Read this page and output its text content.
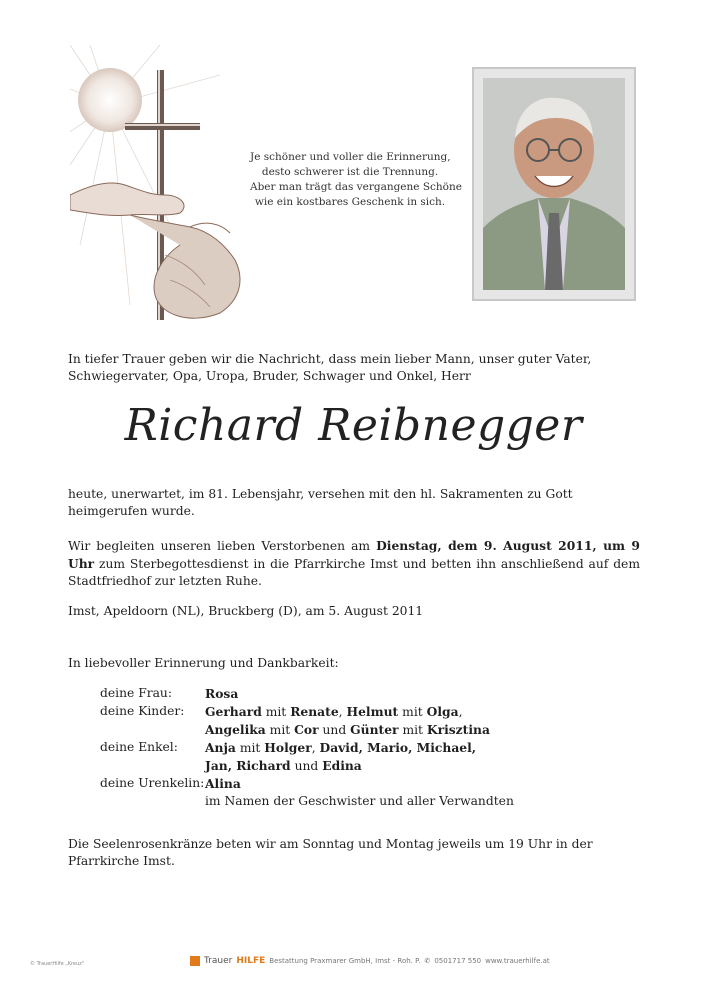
Je schöner und voller die Erinnerung,
desto schwerer ist die Trennung.
Aber man trägt das vergangene Schöne
wie ein kostbares Geschenk in sich.
In tiefer Trauer geben wir die Nachricht, dass mein lieber Mann, unser guter Vater, Schwiegervater, Opa, Uropa, Bruder, Schwager und Onkel, Herr
Richard Reibnegger
heute, unerwartet, im 81. Lebensjahr, versehen mit den hl. Sakramenten zu Gott heimgerufen wurde.
Wir begleiten unseren lieben Verstorbenen am Dienstag, dem 9. August 2011, um 9 Uhr zum Sterbegottesdienst in die Pfarrkirche Imst und betten ihn anschließend auf dem Stadtfriedhof zur letzten Ruhe.
Imst, Apeldoorn (NL), Bruckberg (D), am 5. August 2011
In liebevoller Erinnerung und Dankbarkeit:
deine Frau:	Rosa
deine Kinder:	Gerhard mit Renate, Helmut mit Olga,
Angelika mit Cor und Günter mit Krisztina
deine Enkel:	Anja mit Holger, David, Mario, Michael,
Jan, Richard und Edina
deine Urenkelin: Alina
im Namen der Geschwister und aller Verwandten
Die Seelenrosenkränze beten wir am Sonntag und Montag jeweils um 19 Uhr in der Pfarrkirche Imst.
© TrauerHilfe „Kreuz"	Trauer HILFE Bestattung Praxmarer GmbH, Imst - Roh. P. ✆ 0501717 550 www.trauerhilfe.at
